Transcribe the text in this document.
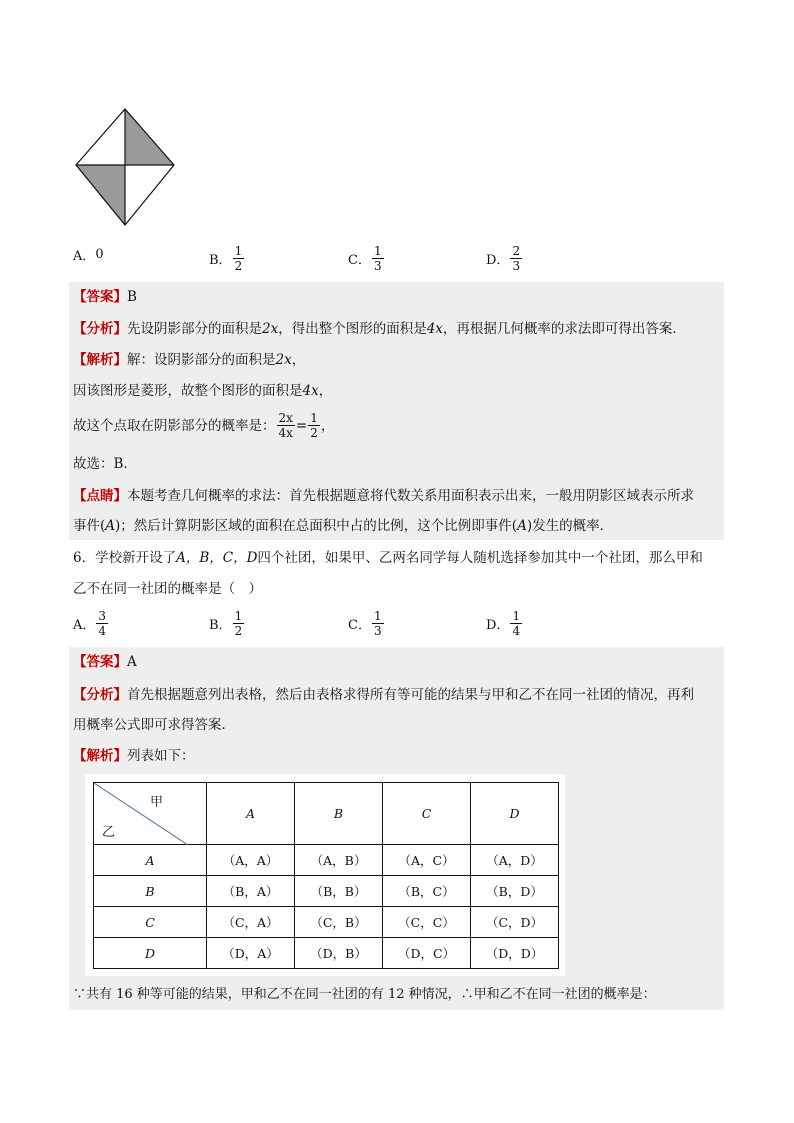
A． 0	B． $\frac{1}{2}$	C． $\frac{1}{3}$	D． $\frac{2}{3}$
【答案】B
【分析】先设阴影部分的面积是2x，得出整个图形的面积是4x，再根据几何概率的求法即可得出答案．
【解析】解：设阴影部分的面积是2x，
因该图形是菱形，故整个图形的面积是4x，
故这个点取在阴影部分的概率是： $\frac{2x}{4x} = \frac{1}{2}$ ，
故选：B．
【点睛】本题考查几何概率的求法：首先根据题意将代数关系用面积表示出来，一般用阴影区域表示所求
事件(A)；然后计算阴影区域的面积在总面积中占的比例，这个比例即事件(A)发生的概率．
6．学校新开设了A，B，C，D四个社团，如果甲、乙两名同学每人随机选择参加其中一个社团，那么甲和
乙不在同一社团的概率是（　）
A． $\frac{3}{4}$	B． $\frac{1}{2}$	C． $\frac{1}{3}$	D． $\frac{1}{4}$
【答案】A
【分析】首先根据题意列出表格，然后由表格求得所有等可能的结果与甲和乙不在同一社团的情况，再利
用概率公式即可求得答案．
【解析】列表如下：
甲
乙	A	B	C	D
A	（A，A）	（A，B）	（A，C）	（A，D）
B	（B，A）	（B，B）	（B，C）	（B，D）
C	（C，A）	（C，B）	（C，C）	（C，D）
D	（D，A）	（D，B）	（D，C）	（D，D）
∵共有 16 种等可能的结果，甲和乙不在同一社团的有 12 种情况，∴甲和乙不在同一社团的概率是：
